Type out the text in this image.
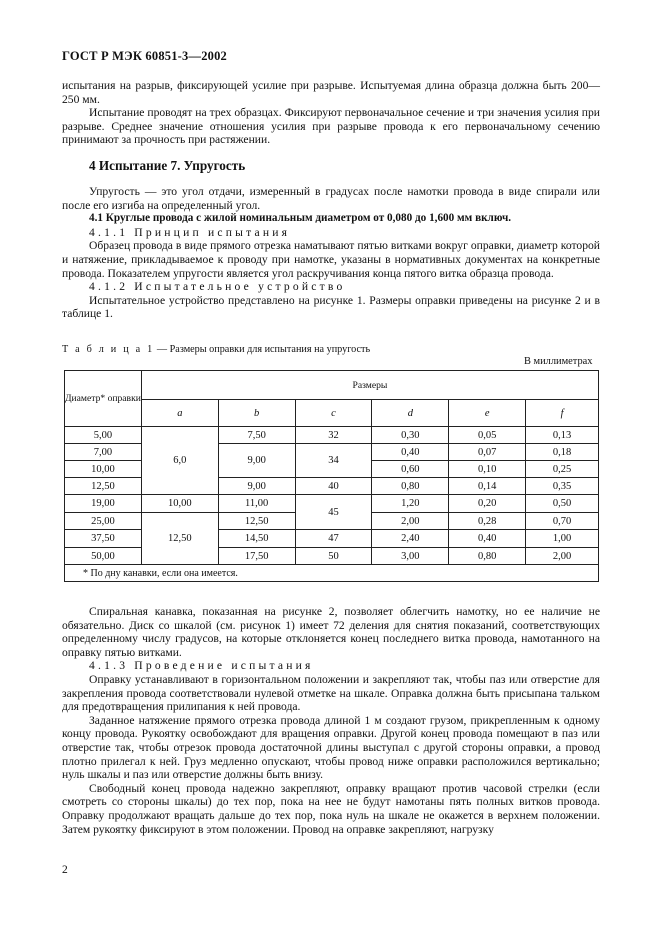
ГОСТ Р МЭК 60851-3—2002

испытания на разрыв, фиксирующей усилие при разрыве. Испытуемая длина образца должна быть 200—250 мм.

Испытание проводят на трех образцах. Фиксируют первоначальное сечение и три значения усилия при разрыве. Среднее значение отношения усилия при разрыве провода к его первоначальному сечению принимают за прочность при растяжении.

4 Испытание 7. Упругость

Упругость — это угол отдачи, измеренный в градусах после намотки провода в виде спирали или после его изгиба на определенный угол.

4.1 Круглые провода с жилой номинальным диаметром от 0,080 до 1,600 мм включ.

4.1.1 Принцип испытания

Образец провода в виде прямого отрезка наматывают пятью витками вокруг оправки, диаметр которой и натяжение, прикладываемое к проводу при намотке, указаны в нормативных документах на конкретные провода. Показателем упругости является угол раскручивания конца пятого витка образца провода.

4.1.2 Испытательное устройство

Испытательное устройство представлено на рисунке 1. Размеры оправки приведены на рисунке 2 и в таблице 1.

Т а б л и ц а 1 — Размеры оправки для испытания на упругость
В миллиметрах
Диаметр* оправки	Размеры					
	a	b	c	d	e	f
5,00	6,0	7,50	32	0,30	0,05	0,13
7,00		9,00	34	0,40	0,07	0,18
10,00				0,60	0,10	0,25
12,50		9,00	40	0,80	0,14	0,35
19,00	10,00	11,00	45	1,20	0,20	0,50
25,00	12,50	12,50		2,00	0,28	0,70
37,50		14,50	47	2,40	0,40	1,00
50,00		17,50	50	3,00	0,80	2,00
* По дну канавки, если она имеется.						

Спиральная канавка, показанная на рисунке 2, позволяет облегчить намотку, но ее наличие не обязательно. Диск со шкалой (см. рисунок 1) имеет 72 деления для снятия показаний, соответствующих определенному числу градусов, на которые отклоняется конец последнего витка провода, намотанного на оправку пятью витками.

4.1.3 Проведение испытания

Оправку устанавливают в горизонтальном положении и закрепляют так, чтобы паз или отверстие для закрепления провода соответствовали нулевой отметке на шкале. Оправка должна быть присыпана тальком для предотвращения прилипания к ней провода.

Заданное натяжение прямого отрезка провода длиной 1 м создают грузом, прикрепленным к одному концу провода. Рукоятку освобождают для вращения оправки. Другой конец провода помещают в паз или отверстие так, чтобы отрезок провода достаточной длины выступал с другой стороны оправки, а провод плотно прилегал к ней. Груз медленно опускают, чтобы провод ниже оправки расположился вертикально; нуль шкалы и паз или отверстие должны быть внизу.

Свободный конец провода надежно закрепляют, оправку вращают против часовой стрелки (если смотреть со стороны шкалы) до тех пор, пока на нее не будут намотаны пять полных витков провода. Оправку продолжают вращать дальше до тех пор, пока нуль на шкале не окажется в верхнем положении. Затем рукоятку фиксируют в этом положении. Провод на оправке закрепляют, нагрузку

2
